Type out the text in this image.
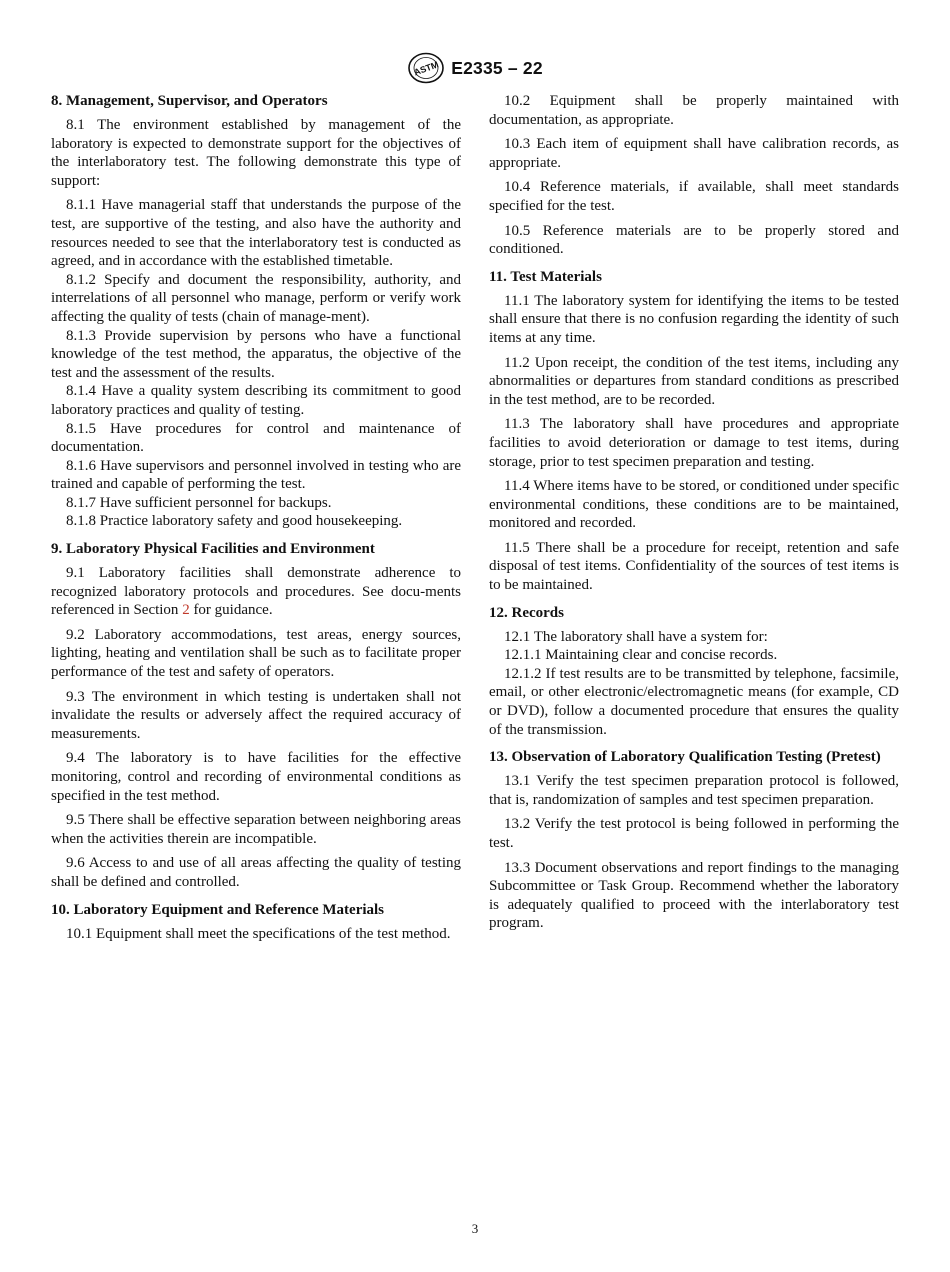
ASTM E2335 – 22
8. Management, Supervisor, and Operators

8.1 The environment established by management of the laboratory is expected to demonstrate support for the objectives of the interlaboratory test. The following demonstrate this type of support:

8.1.1 Have managerial staff that understands the purpose of the test, are supportive of the testing, and also have the authority and resources needed to see that the interlaboratory test is conducted as agreed, and in accordance with the established timetable.

8.1.2 Specify and document the responsibility, authority, and interrelations of all personnel who manage, perform or verify work affecting the quality of tests (chain of manage-ment).

8.1.3 Provide supervision by persons who have a functional knowledge of the test method, the apparatus, the objective of the test and the assessment of the results.

8.1.4 Have a quality system describing its commitment to good laboratory practices and quality of testing.

8.1.5 Have procedures for control and maintenance of documentation.

8.1.6 Have supervisors and personnel involved in testing who are trained and capable of performing the test.

8.1.7 Have sufficient personnel for backups.

8.1.8 Practice laboratory safety and good housekeeping.

9. Laboratory Physical Facilities and Environment

9.1 Laboratory facilities shall demonstrate adherence to recognized laboratory protocols and procedures. See docu-ments referenced in Section 2 for guidance.

9.2 Laboratory accommodations, test areas, energy sources, lighting, heating and ventilation shall be such as to facilitate proper performance of the test and safety of operators.

9.3 The environment in which testing is undertaken shall not invalidate the results or adversely affect the required accuracy of measurements.

9.4 The laboratory is to have facilities for the effective monitoring, control and recording of environmental conditions as specified in the test method.

9.5 There shall be effective separation between neighboring areas when the activities therein are incompatible.

9.6 Access to and use of all areas affecting the quality of testing shall be defined and controlled.

10. Laboratory Equipment and Reference Materials

10.1 Equipment shall meet the specifications of the test method.

10.2 Equipment shall be properly maintained with documentation, as appropriate.

10.3 Each item of equipment shall have calibration records, as appropriate.

10.4 Reference materials, if available, shall meet standards specified for the test.

10.5 Reference materials are to be properly stored and conditioned.

11. Test Materials

11.1 The laboratory system for identifying the items to be tested shall ensure that there is no confusion regarding the identity of such items at any time.

11.2 Upon receipt, the condition of the test items, including any abnormalities or departures from standard conditions as prescribed in the test method, are to be recorded.

11.3 The laboratory shall have procedures and appropriate facilities to avoid deterioration or damage to test items, during storage, prior to test specimen preparation and testing.

11.4 Where items have to be stored, or conditioned under specific environmental conditions, these conditions are to be maintained, monitored and recorded.

11.5 There shall be a procedure for receipt, retention and safe disposal of test items. Confidentiality of the sources of test items is to be maintained.

12. Records

12.1 The laboratory shall have a system for:

12.1.1 Maintaining clear and concise records.

12.1.2 If test results are to be transmitted by telephone, facsimile, email, or other electronic/electromagnetic means (for example, CD or DVD), follow a documented procedure that ensures the quality of the transmission.

13. Observation of Laboratory Qualification Testing (Pretest)

13.1 Verify the test specimen preparation protocol is followed, that is, randomization of samples and test specimen preparation.

13.2 Verify the test protocol is being followed in performing the test.

13.3 Document observations and report findings to the managing Subcommittee or Task Group. Recommend whether the laboratory is adequately qualified to proceed with the interlaboratory test program.

3
